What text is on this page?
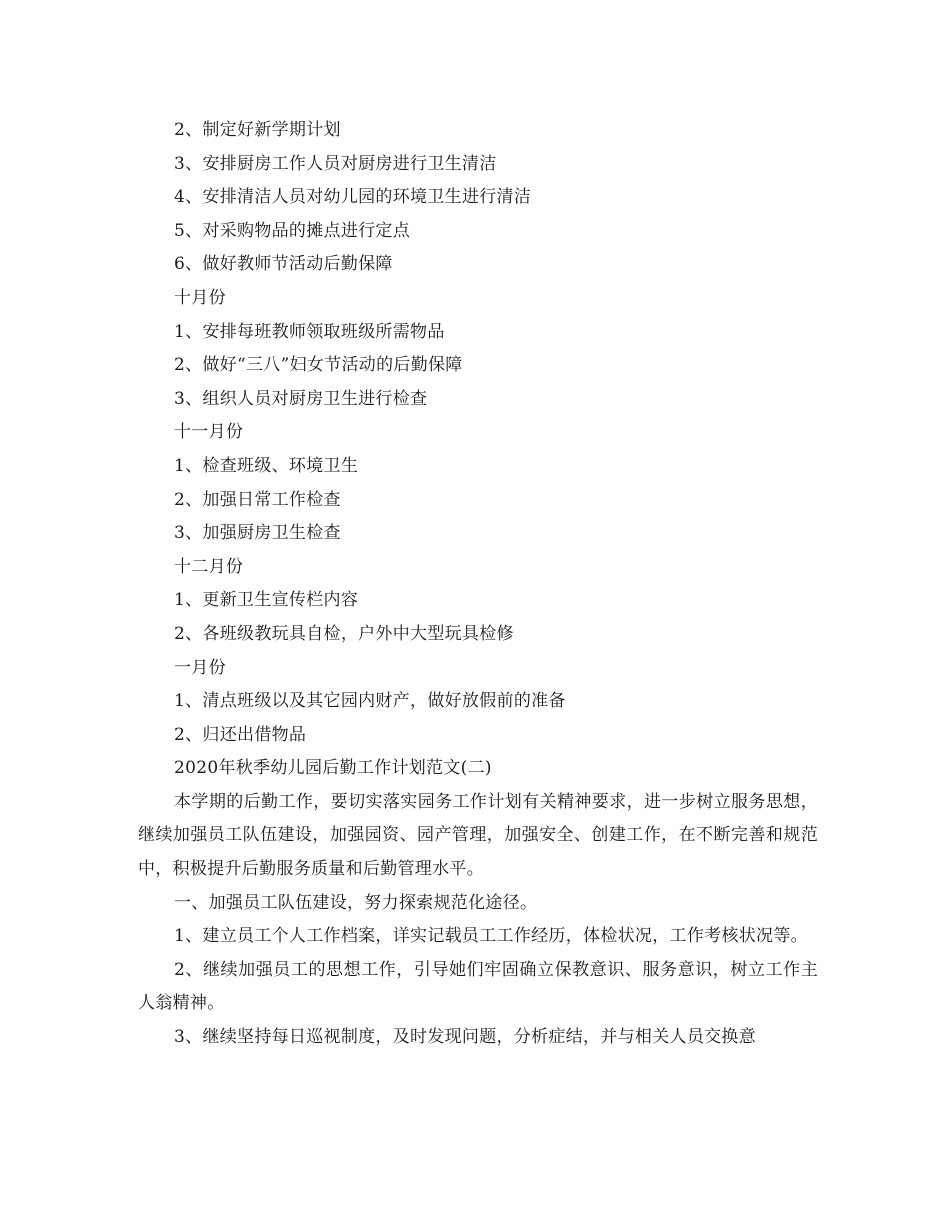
2、制定好新学期计划
3、安排厨房工作人员对厨房进行卫生清洁
4、安排清洁人员对幼儿园的环境卫生进行清洁
5、对采购物品的摊点进行定点
6、做好教师节活动后勤保障
十月份
1、安排每班教师领取班级所需物品
2、做好“三八”妇女节活动的后勤保障
3、组织人员对厨房卫生进行检查
十一月份
1、检查班级、环境卫生
2、加强日常工作检查
3、加强厨房卫生检查
十二月份
1、更新卫生宣传栏内容
2、各班级教玩具自检，户外中大型玩具检修
一月份
1、清点班级以及其它园内财产，做好放假前的准备
2、归还出借物品
2020年秋季幼儿园后勤工作计划范文(二)

本学期的后勤工作，要切实落实园务工作计划有关精神要求，进一步树立服务思想，继续加强员工队伍建设，加强园资、园产管理，加强安全、创建工作，在不断完善和规范中，积极提升后勤服务质量和后勤管理水平。

一、加强员工队伍建设，努力探索规范化途径。

1、建立员工个人工作档案，详实记载员工工作经历，体检状况，工作考核状况等。

2、继续加强员工的思想工作，引导她们牢固确立保教意识、服务意识，树立工作主人翁精神。

3、继续坚持每日巡视制度，及时发现问题，分析症结，并与相关人员交换意
